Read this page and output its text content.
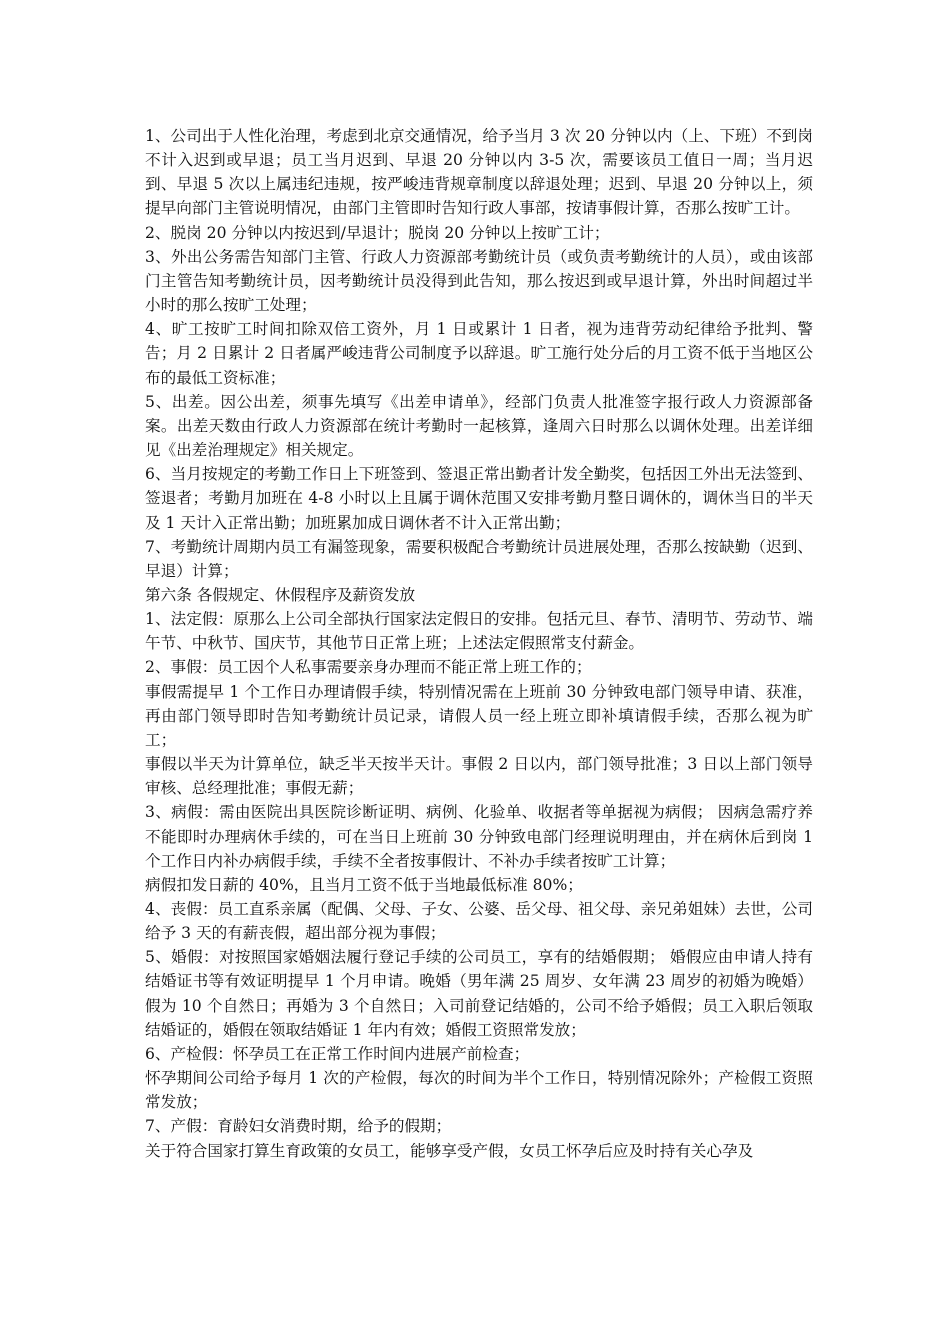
1、公司出于人性化治理，考虑到北京交通情况，给予当月 3 次 20 分钟以内（上、下班）不到岗不计入迟到或早退；员工当月迟到、早退 20 分钟以内 3-5 次，需要该员工值日一周；当月迟到、早退 5 次以上属违纪违规，按严峻违背规章制度以辞退处理；迟到、早退 20 分钟以上，须提早向部门主管说明情况，由部门主管即时告知行政人事部，按请事假计算，否那么按旷工计。

2、脱岗 20 分钟以内按迟到/早退计；脱岗 20 分钟以上按旷工计；

3、外出公务需告知部门主管、行政人力资源部考勤统计员（或负责考勤统计的人员），或由该部门主管告知考勤统计员，因考勤统计员没得到此告知，那么按迟到或早退计算，外出时间超过半小时的那么按旷工处理；

4、旷工按旷工时间扣除双倍工资外，月 1 日或累计 1 日者，视为违背劳动纪律给予批判、警告；月 2 日累计 2 日者属严峻违背公司制度予以辞退。旷工施行处分后的月工资不低于当地区公布的最低工资标准；

5、出差。因公出差，须事先填写《出差申请单》，经部门负责人批准签字报行政人力资源部备案。出差天数由行政人力资源部在统计考勤时一起核算，逢周六日时那么以调休处理。出差详细见《出差治理规定》相关规定。

6、当月按规定的考勤工作日上下班签到、签退正常出勤者计发全勤奖，包括因工外出无法签到、签退者；考勤月加班在 4-8 小时以上且属于调休范围又安排考勤月整日调休的，调休当日的半天及 1 天计入正常出勤；加班累加成日调休者不计入正常出勤；

7、考勤统计周期内员工有漏签现象，需要积极配合考勤统计员进展处理，否那么按缺勤（迟到、早退）计算；

第六条 各假规定、休假程序及薪资发放

1、法定假：原那么上公司全部执行国家法定假日的安排。包括元旦、春节、清明节、劳动节、端午节、中秋节、国庆节，其他节日正常上班；上述法定假照常支付薪金。

2、事假：员工因个人私事需要亲身办理而不能正常上班工作的；

事假需提早 1 个工作日办理请假手续，特别情况需在上班前 30 分钟致电部门领导申请、获准，再由部门领导即时告知考勤统计员记录，请假人员一经上班立即补填请假手续，否那么视为旷工；

事假以半天为计算单位，缺乏半天按半天计。事假 2 日以内，部门领导批准；3 日以上部门领导审核、总经理批准；事假无薪；

3、病假：需由医院出具医院诊断证明、病例、化验单、收据者等单据视为病假； 因病急需疗养不能即时办理病休手续的，可在当日上班前 30 分钟致电部门经理说明理由，并在病休后到岗 1 个工作日内补办病假手续，手续不全者按事假计、不补办手续者按旷工计算；

病假扣发日薪的 40%，且当月工资不低于当地最低标准 80%；

4、丧假：员工直系亲属（配偶、父母、子女、公婆、岳父母、祖父母、亲兄弟姐妹）去世，公司给予 3 天的有薪丧假，超出部分视为事假；

5、婚假：对按照国家婚姻法履行登记手续的公司员工，享有的结婚假期； 婚假应由申请人持有结婚证书等有效证明提早 1 个月申请。晚婚（男年满 25 周岁、女年满 23 周岁的初婚为晚婚）假为 10 个自然日；再婚为 3 个自然日；入司前登记结婚的，公司不给予婚假；员工入职后领取结婚证的，婚假在领取结婚证 1 年内有效；婚假工资照常发放；

6、产检假：怀孕员工在正常工作时间内进展产前检查；

怀孕期间公司给予每月 1 次的产检假，每次的时间为半个工作日，特别情况除外；产检假工资照常发放；

7、产假：育龄妇女消费时期，给予的假期；

关于符合国家打算生育政策的女员工，能够享受产假，女员工怀孕后应及时持有关心孕及
